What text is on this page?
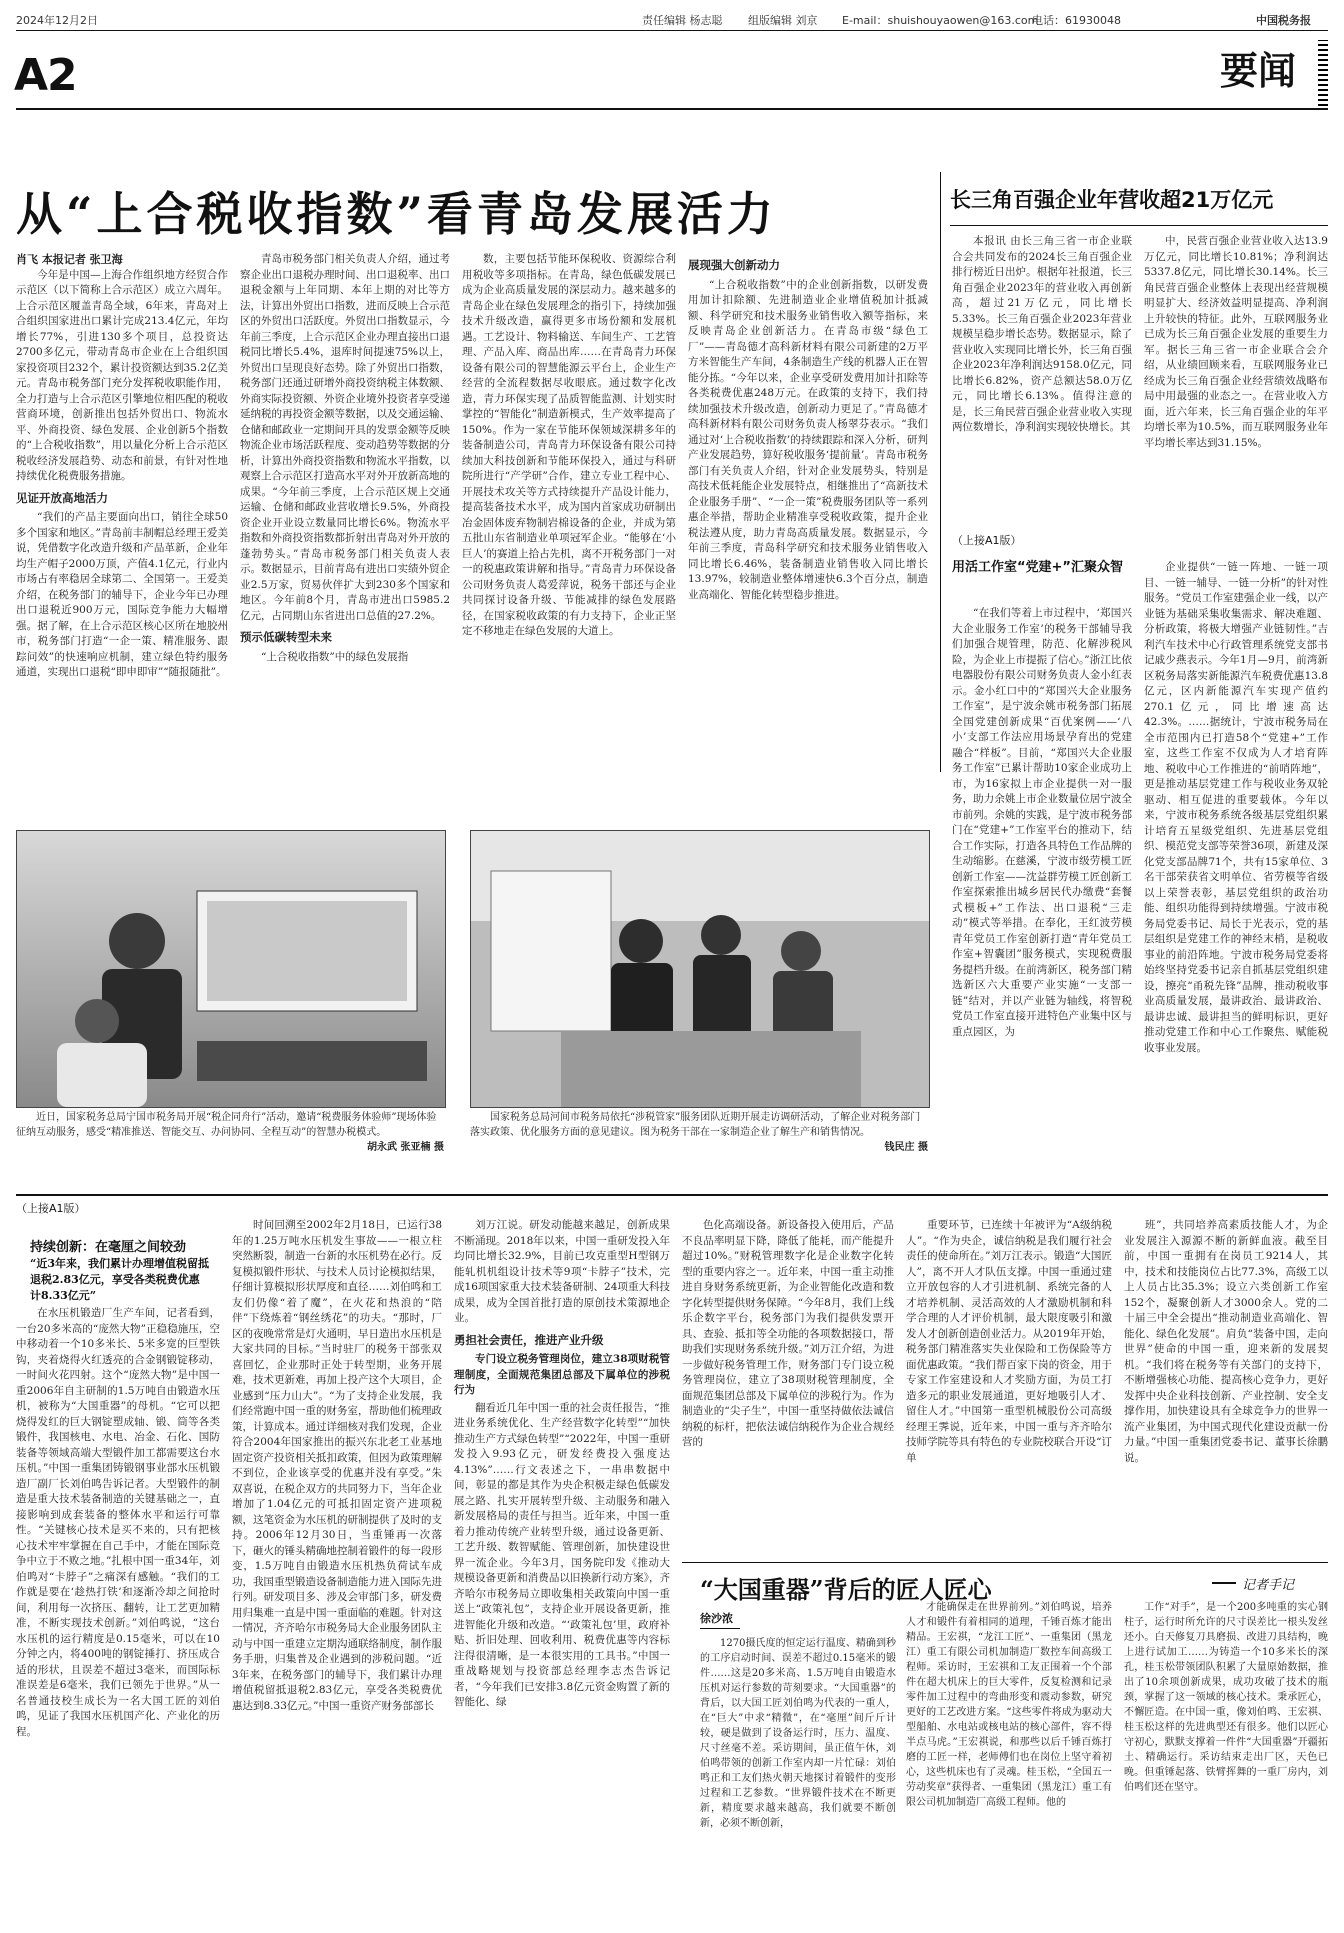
2024年12月2日	责任编辑 杨志聪 组版编辑 刘京 E-mail：shuishouyaowen@163.com
电话：61930048	中国税务报
A2	要闻
从“上合税收指数”看青岛发展活力
肖飞 本报记者 张卫海

今年是中国—上海合作组织地方经贸合作示范区（以下简称上合示范区）成立六周年。上合示范区履盖青岛全域，6年来，青岛对上合组织国家进出口累计完成213.4亿元，年均增长77%，引进130多个项目，总投资达2700多亿元，带动青岛市企业在上合组织国家投资项目232个，累计投资额达到35.2亿美元。青岛市税务部门充分发挥税收职能作用，全力打造与上合示范区引擎地位相匹配的税收营商环境，创新推出包括外贸出口、物流水平、外商投资、绿色发展、企业创新5个指数的“上合税收指数”，用以量化分析上合示范区税收经济发展趋势、动态和前景，有针对性地持续优化税费服务措施。

见证开放高地活力

“我们的产品主要面向出口，销往全球50多个国家和地区。”青岛前丰制帽总经理王爱美说，凭借数字化改造升级和产品革新，企业年均生产帽子2000万顶，产值4.1亿元，行业内市场占有率稳居全球第二、全国第一。王爱美介绍，在税务部门的辅导下，企业今年已办理出口退税近900万元，国际竞争能力大幅增强。据了解，在上合示范区核心区所在地胶州市，税务部门打造“一企一策、精准服务、跟踪问效”的快速响应机制，建立绿色特约服务通道，实现出口退税“即申即审”“随报随批”。

青岛市税务部门相关负责人介绍，通过考察企业出口退税办理时间、出口退税率、出口退税金额与上年同期、本年上期的对比等方法，计算出外贸出口指数，进而反映上合示范区的外贸出口活跃度。外贸出口指数显示，今年前三季度，上合示范区企业办理直接出口退税同比增长5.4%，退库时间提速75%以上，外贸出口呈现良好态势。除了外贸出口指数，税务部门还通过研增外商投资纳税主体数额、外商实际投资额、外资企业境外投资者享受递延纳税的再投资金额等数据，以及交通运输、仓储和邮政业一定期间开具的发票金额等反映物流企业市场活跃程度、变动趋势等数据的分析，计算出外商投资指数和物流水平指数，以观察上合示范区打造高水平对外开放新高地的成果。“今年前三季度，上合示范区规上交通运输、仓储和邮政业营收增长9.5%，外商投资企业开业设立数量同比增长6%。物流水平指数和外商投资指数都折射出青岛对外开放的蓬勃势头。”青岛市税务部门相关负责人表示。数据显示，目前青岛有进出口实绩外贸企业2.5万家，贸易伙伴扩大到230多个国家和地区。今年前8个月，青岛市进出口5985.2亿元，占同期山东省进出口总值的27.2%。

预示低碳转型未来

“上合税收指数”中的绿色发展指

数，主要包括节能环保税收、资源综合利用税收等多项指标。在青岛，绿色低碳发展已成为企业高质量发展的深层动力。越来越多的青岛企业在绿色发展理念的指引下，持续加强技术升级改造，赢得更多市场份额和发展机遇。工艺设计、物料输送、车间生产、工艺管理、产品入库、商品出库……在青岛青力环保设备有限公司的智慧能源云平台上，企业生产经营的全流程数据尽收眼底。通过数字化改造，青力环保实现了品质智能监测、计划实时掌控的“智能化”制造新模式，生产效率提高了150%。作为一家在节能环保领域深耕多年的装备制造公司，青岛青力环保设备有限公司持续加大科技创新和节能环保投入，通过与科研院所进行“产学研”合作，建立专业工程中心、开展技术攻关等方式持续提升产品设计能力，提高装备技术水平，成为国内首家成功研制出冶金固体废弃物制岩棉设备的企业，并成为第五批山东省制造业单项冠军企业。“能够在‘小巨人’的赛道上拾占先机，离不开税务部门一对一的税惠政策讲解和指导。”青岛青力环保设备公司财务负责人葛爱萍说，税务干部还与企业共同探讨设备升级、节能减排的绿色发展路径，在国家税收政策的有力支持下，企业正坚定不移地走在绿色发展的大道上。

展现强大创新动力

“上合税收指数”中的企业创新指数，以研发费用加计扣除额、先进制造业企业增值税加计抵减额、科学研究和技术服务业销售收入额等指标，来反映青岛企业创新活力。在青岛市级“绿色工厂”——青岛德才高科新材料有限公司新建的2万平方米智能生产车间，4条制造生产线的机器人正在智能分拣。“今年以来，企业享受研发费用加计扣除等各类税费优惠248万元。在政策的支持下，我们持续加强技术升级改造，创新动力更足了。”青岛德才高科新材料有限公司财务负责人杨翠芬表示。“我们通过对‘上合税收指数’的持续跟踪和深入分析，研判产业发展趋势，算好税收服务‘提前量’。青岛市税务部门有关负责人介绍，针对企业发展势头，特别是高技术低耗能企业发展特点，相继推出了“高新技术企业服务手册”、“一企一策”税费服务团队等一系列惠企举措，帮助企业精准享受税收政策，提升企业税法遵从度，助力青岛高质量发展。数据显示，今年前三季度，青岛科学研究和技术服务业销售收入同比增长6.46%，装备制造业销售收入同比增长13.97%，较制造业整体增速快6.3个百分点，制造业高端化、智能化转型稳步推进。

长三角百强企业年营收超21万亿元

本报讯 由长三角三省一市企业联合会共同发布的2024长三角百强企业排行榜近日出炉。根据年社报道，长三角百强企业2023年的营业收入再创新高，超过21万亿元，同比增长5.33%。长三角百强企业2023年营业规模呈稳步增长态势。数据显示，除了营业收入实现同比增长外，长三角百强企业2023年净利润达9158.0亿元，同比增长6.82%，资产总额达58.0万亿元，同比增长6.13%。值得注意的是，长三角民营百强企业营业收入实现两位数增长，净利润实现较快增长。其

中，民营百强企业营业收入达13.9万亿元，同比增长10.81%；净利润达5337.8亿元，同比增长30.14%。长三角民营百强企业整体上表现出经营规模明显扩大、经济效益明显提高、净利润上升较快的特征。此外，互联网服务业已成为长三角百强企业发展的重要生力军。据长三角三省一市企业联合会介绍，从业绩回顾来看，互联网服务业已经成为长三角百强企业经营绩效战略布局中用最强的业态之一。在营业收入方面，近六年来，长三角百强企业的年平均增长率为10.5%，而互联网服务业年平均增长率达到31.15%。

（上接A1版）
用活工作室“党建+”汇聚众智

“在我们等着上市过程中，‘郑国兴大企业服务工作室’的税务干部辅导我们加强合规管理，防范、化解涉税风险，为企业上市提振了信心。”浙江比依电器股份有限公司财务负责人金小红表示。金小红口中的“郑国兴大企业服务工作室”，是宁波余姚市税务部门拓展全国党建创新成果“百优案例——‘八小’支部工作法应用场景孕育出的党建融合“样板”。目前，“郑国兴大企业服务工作室”已累计帮助10家企业成功上市，为16家拟上市企业提供一对一服务，助力余姚上市企业数量位居宁波全市前列。余姚的实践，是宁波市税务部门在“党建+”工作室平台的推动下，结合工作实际，打造各具特色工作品牌的生动缩影。在慈溪，宁波市级劳模工匠创新工作室——沈益群劳模工匠创新工作室探索推出城乡居民代办缴费“套餐式模板+”工作法、出口退税“三走动”模式等举措。在奉化，王红波劳模青年党员工作室创新打造“青年党员工作室+智囊团”服务模式，实现税费服务提档升级。在前湾新区，税务部门精选新区六大重要产业实施“一支部一链”结对，并以产业链为轴线，将智税党员工作室直接开进特色产业集中区与重点园区，为

企业提供“一链一阵地、一链一项目、一链一辅导、一链一分析”的针对性服务。“党员工作室建强企业一线，以产业链为基础采集收集需求、解决难题、分析政策，将极大增强产业链韧性。”吉利汽车技术中心行政管理系统党支部书记戚少燕表示。今年1月—9月，前湾新区税务局落实新能源汽车税费优惠13.8亿元，区内新能源汽车实现产值约270.1亿元，同比增速高达42.3%。……据统计，宁波市税务局在全市范围内已打造58个“党建+”工作室，这些工作室不仅成为人才培育阵地、税收中心工作推进的“前哨阵地”，更是推动基层党建工作与税收业务双轮驱动、相互促进的重要载体。今年以来，宁波市税务系统各级基层党组织累计培育五星级党组织、先进基层党组织、模范党支部等荣誉36项，新建及深化党支部品牌71个，共有15家单位、3名干部荣获省文明单位、省劳模等省级以上荣誉表彰，基层党组织的政治功能、组织功能得到持续增强。宁波市税务局党委书记、局长于光表示，党的基层组织是党建工作的神经末梢，是税收事业的前沿阵地。宁波市税务局党委将始终坚持党委书记亲自抓基层党组织建设，擦亮“甬税先锋”品牌，推动税收事业高质量发展，最讲政治、最讲政治、最讲忠诚、最讲担当的鲜明标识，更好推动党建工作和中心工作聚焦、赋能税收事业发展。

近日，国家税务总局宁国市税务局开展“税企同舟行”活动，邀请“税费服务体验师”现场体验征纳互动服务，感受“精准推送、智能交互、办问协同、全程互动”的智慧办税模式。
胡永武 张亚楠 摄
国家税务总局河间市税务局依托“涉税管家”服务团队近期开展走访调研活动，了解企业对税务部门落实政策、优化服务方面的意见建议。图为税务干部在一家制造企业了解生产和销售情况。
钱民庄 摄
（上接A1版）
持续创新：在毫厘之间较劲
“近3年来，我们累计办理增值税留抵退税2.83亿元，享受各类税费优惠计8.33亿元”

在水压机锻造厂生产车间，记者看到，一台20多米高的“庞然大物”正稳稳施压，空中移动着一个10多米长、5米多宽的巨型铁钩，夹着烧得火红透亮的合金钢锻锭移动，一时间火花四射。这个“庞然大物”是中国一重2006年自主研制的1.5万吨自由锻造水压机，被称为“大国重器”的母机。“它可以把烧得发红的巨大钢锭塑成轴、锻、筒等各类锻件，我国核电、水电、冶金、石化、国防装备等领域高端大型锻件加工都需要这台水压机。”中国一重集团铸锻钢事业部水压机锻造厂副厂长刘伯鸣告诉记者。大型锻件的制造是重大技术装备制造的关键基础之一，直接影响到成套装备的整体水平和运行可靠性。“关键核心技术是买不来的，只有把核心技术牢牢掌握在自己手中，才能在国际竞争中立于不败之地。”扎根中国一重34年，刘伯鸣对“卡脖子”之痛深有感触。“我们的工作就是要在‘趁热打铁’和逐渐冷却之间抢时间，利用每一次挤压、翻转，让工艺更加精准，不断实现技术创新。”刘伯鸣说，“这台水压机的运行精度是0.15毫米，可以在10分钟之内，将400吨的钢锭捶打、挤压成合适的形状，且误差不超过3毫米，而国际标准误差是6毫米，我们已领先于世界。”从一名普通技校生成长为一名大国工匠的刘伯鸣，见证了我国水压机国产化、产业化的历程。

时间回溯至2002年2月18日，已运行38年的1.25万吨水压机发生事故——一根立柱突然断裂，制造一台新的水压机势在必行。反复模拟锻件形状、与技术人员讨论模拟结果，仔细计算模拟形状厚度和直径……刘伯鸣和工友们仍像“着了魔”，在火花和热浪的“陪伴”下绕炼着“钢丝绣花”的功夫。“那时，厂区的夜晚常常是灯火通明，早日造出水压机是大家共同的目标。”当时驻厂的税务干部张双喜回忆，企业那时正处于转型期，业务开展难，技术更新难，再加上投产这个大项目，企业感到“压力山大”。“为了支持企业发展，我们经常跑中国一重的财务室，帮助他们梳理政策，计算成本。通过详细核对我们发现，企业符合2004年国家推出的振兴东北老工业基地固定资产投资相关抵扣政策，但因为政策理解不到位，企业该享受的优惠并没有享受。”朱双喜说，在税企双方的共同努力下，当年企业增加了1.04亿元的可抵扣固定资产进项税额，这笔资金为水压机的研制提供了及时的支持。2006年12月30日，当重锤再一次落下，砸火的锤头精确地控制着锻件的每一段形变，1.5万吨自由锻造水压机热负荷试车成功，我国重型锻造设备制造能力进入国际先进行列。研发项目多、涉及会审部门多，研发费用归集难一直是中国一重面临的难题。针对这一情况，齐齐哈尔市税务局大企业服务团队主动与中国一重建立定期沟通联络制度，制作服务手册，归集普及企业遇到的涉税问题。“近3年来，在税务部门的辅导下，我们累计办理增值税留抵退税2.83亿元，享受各类税费优惠达到8.33亿元。”中国一重资产财务部部长

刘万江说。研发动能越来越足，创新成果不断涌现。2018年以来，中国一重研发投入年均同比增长32.9%，目前已攻克重型H型钢万能轧机机组设计技术等9项“卡脖子”技术，完成16项国家重大技术装备研制、24项重大科技成果，成为全国首批打造的原创技术策源地企业。

勇担社会责任，推进产业升级

专门设立税务管理岗位，建立38项财税管理制度，全面规范集团总部及下属单位的涉税行为

翻看近几年中国一重的社会责任报告，“推进业务系统优化、生产经营数字化转型”“加快推动生产方式绿色转型”“2022年，中国一重研发投入9.93亿元，研发经费投入强度达4.13%”……行文表述之下，一串串数据中间，彰显的都是其作为央企积极走绿色低碳发展之路、扎实开展转型升级、主动服务和融入新发展格局的责任与担当。近年来，中国一重着力推动传统产业转型升级，通过设备更新、工艺升级、数智赋能、管理创新，加快建设世界一流企业。今年3月，国务院印发《推动大规模设备更新和消费品以旧换新行动方案》，齐齐哈尔市税务局立即收集相关政策向中国一重送上“政策礼包”，支持企业开展设备更新，推进智能化升级和改造。“‘政策礼包’里，政府补贴、折旧处理、回收利用、税费优惠等内容标注得很清晰，是一本很实用的工具书。”中国一重战略规划与投资部总经理李志杰告诉记者，“今年我们已安排3.8亿元资金购置了新的智能化、绿

色化高端设备。新设备投入使用后，产品不良品率明显下降，降低了能耗，而产能提升超过10%。”财税管理数字化是企业数字化转型的重要内容之一。近年来，中国一重主动推进自身财务系统更新，为企业智能化改造和数字化转型提供财务保障。“今年8月，我们上线乐企数字平台，税务部门为我们提供发票开具、查验、抵扣等全功能的各项数据接口，帮助我们实现财务系统升级。”刘万江介绍，为进一步做好税务管理工作，财务部门专门设立税务管理岗位，建立了38项财税管理制度，全面规范集团总部及下属单位的涉税行为。作为制造业的“尖子生”，中国一重坚持做依法诚信纳税的标杆，把依法诚信纳税作为企业合规经营的

重要环节，已连续十年被评为“A级纳税人”。“作为央企，诚信纳税是我们履行社会责任的使命所在。”刘万江表示。锻造“大国匠人”，离不开人才队伍支撑。中国一重通过建立开放包容的人才引进机制、系统完备的人才培养机制、灵活高效的人才激励机制和科学合理的人才评价机制，最大限度吸引和激发人才创新创造创业活力。从2019年开始，税务部门精准落实失业保险和工伤保险等方面优惠政策。“我们帮百家下岗的资金，用于专家工作室建设和人才奖励方面，为员工打造多元的职业发展通道，更好地吸引人才、留住人才。”中国第一重型机械股份公司高级经理王霁说，近年来，中国一重与齐齐哈尔技师学院等具有特色的专业院校联合开设“订单

班”，共同培养高素质技能人才，为企业发展注入源源不断的新鲜血液。截至目前，中国一重拥有在岗员工9214人，其中，技术和技能岗位占比77.3%，高级工以上人员占比35.3%；设立六类创新工作室152个，凝聚创新人才3000余人。党的二十届三中全会提出“推动制造业高端化、智能化、绿色化发展”。肩负“装备中国，走向世界”使命的中国一重，迎来新的发展契机。“我们将在税务等有关部门的支持下，不断增强核心功能、提高核心竞争力，更好发挥中央企业科技创新、产业控制、安全支撑作用，加快建设具有全球竞争力的世界一流产业集团，为中国式现代化建设贡献一份力量。”中国一重集团党委书记、董事长徐鹏说。

“大国重器”背后的匠人匠心	记者手记
徐沙浓

1270摄氏度的恒定运行温度、精确到秒的工序启动时间、误差不超过0.15毫米的锻件……这是20多米高、1.5万吨自由锻造水压机对运行参数的苛刻要求。“大国重器”的背后，以大国工匠刘伯鸣为代表的一重人，在“巨大”中求“精微”，在“毫厘”间斤斤计较，硬是做到了设备运行时，压力、温度、尺寸丝毫不差。采访期间，虽正值午休，刘伯鸣带领的创新工作室内却一片忙碌：刘伯鸣正和工友们热火朝天地探讨着锻件的变形过程和工艺参数。“世界锻件技术在不断更新，精度要求越来越高，我们就要不断创新，必须不断创新，

才能确保走在世界前列。”刘伯鸣说，培养人才和锻件有着相同的道理，千锤百炼才能出精品。王宏祺，“龙江工匠”、一重集团（黑龙江）重工有限公司机加制造厂数控车间高级工程师。采访时，王宏祺和工友正围着一个个部件在超大机床上的巨大零件，反复检测和记录零件加工过程中的弯曲形变和震动参数，研究更好的工艺改进方案。“这些零件将成为驱动大型船舶、水电站或核电站的核心部件，容不得半点马虎。”王宏祺说，和那些以后千锤百炼打磨的工匠一样，老师傅们也在岗位上坚守着初心，这些机床也有了灵魂。桂玉松，“全国五一劳动奖章”获得者、一重集团（黑龙江）重工有限公司机加制造厂高级工程师。他的

工作“对手”，是一个200多吨重的实心钢柱子，运行时所允许的尺寸误差比一根头发丝还小。白天修复刀具磨损、改进刀具结构，晚上进行试加工……为铸造一个10多米长的深孔，桂玉松带领团队积累了大量原始数据，推出了10余项创新成果，成功攻破了技术的瓶颈，掌握了这一领域的核心技术。秉承匠心，不懈匠造。在中国一重，像刘伯鸣、王宏祺、桂玉松这样的先进典型还有很多。他们以匠心守初心，默默支撑着一件件“大国重器”开疆拓土、精确运行。采访结束走出厂区，天色已晚。但重锤起落、铁臂挥舞的一重厂房内，刘伯鸣们还在坚守。
